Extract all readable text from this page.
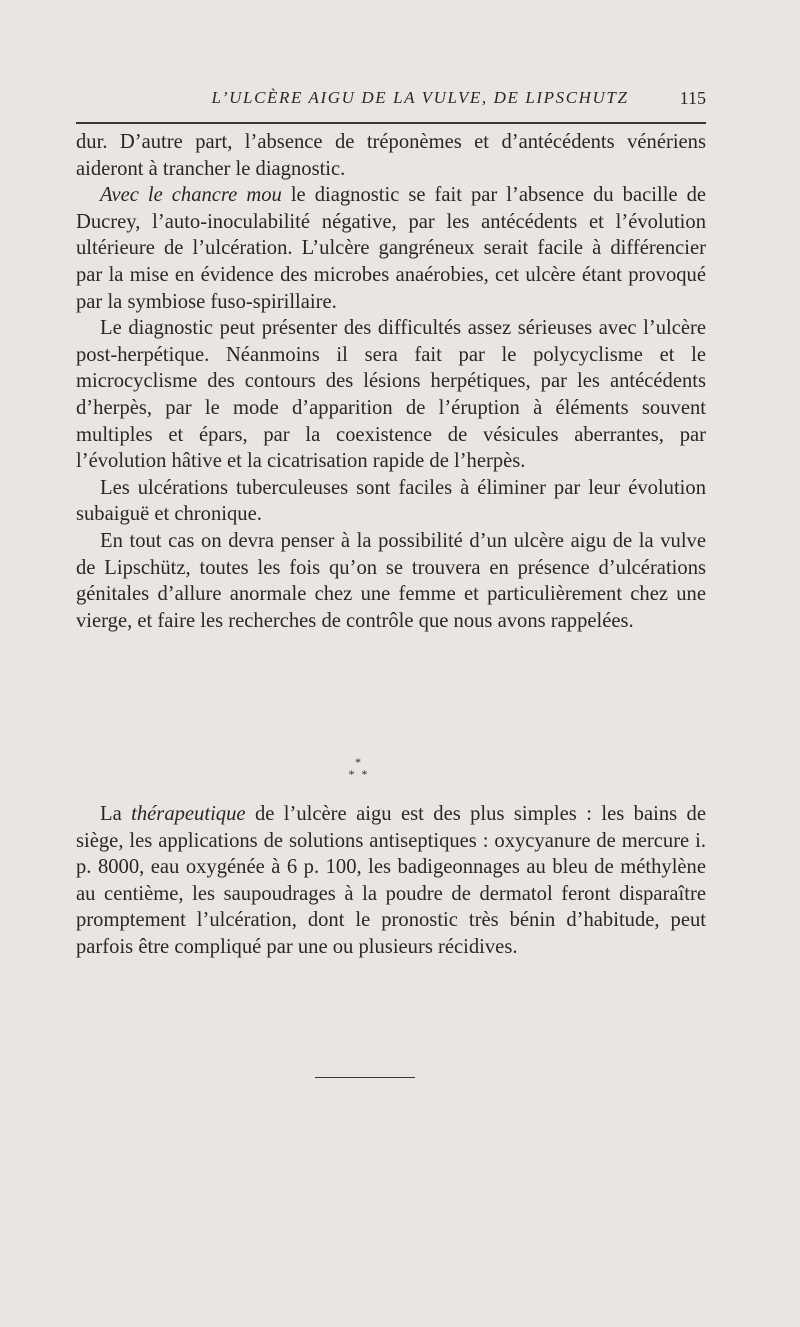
L’ULCÈRE AIGU DE LA VULVE, DE LIPSCHUTZ	115

dur. D’autre part, l’absence de tréponèmes et d’antécédents vénériens aideront à trancher le diagnostic.

Avec le chancre mou le diagnostic se fait par l’absence du bacille de Ducrey, l’auto-inoculabilité négative, par les antécédents et l’évolution ultérieure de l’ulcération. L’ulcère gangréneux serait facile à différencier par la mise en évidence des microbes anaérobies, cet ulcère étant provoqué par la symbiose fuso-spirillaire.

Le diagnostic peut présenter des difficultés assez sérieuses avec l’ulcère post-herpétique. Néanmoins il sera fait par le polycyclisme et le microcyclisme des contours des lésions herpétiques, par les antécédents d’herpès, par le mode d’apparition de l’éruption à éléments souvent multiples et épars, par la coexistence de vésicules aberrantes, par l’évolution hâtive et la cicatrisation rapide de l’herpès.

Les ulcérations tuberculeuses sont faciles à éliminer par leur évolution subaiguë et chronique.

En tout cas on devra penser à la possibilité d’un ulcère aigu de la vulve de Lipschütz, toutes les fois qu’on se trouvera en présence d’ulcérations génitales d’allure anormale chez une femme et particulièrement chez une vierge, et faire les recherches de contrôle que nous avons rappelées.

*
* *

La thérapeutique de l’ulcère aigu est des plus simples : les bains de siège, les applications de solutions antiseptiques : oxycyanure de mercure i. p. 8000, eau oxygénée à 6 p. 100, les badigeonnages au bleu de méthylène au centième, les saupoudrages à la poudre de dermatol feront disparaître promptement l’ulcération, dont le pronostic très bénin d’habitude, peut parfois être compliqué par une ou plusieurs récidives.
